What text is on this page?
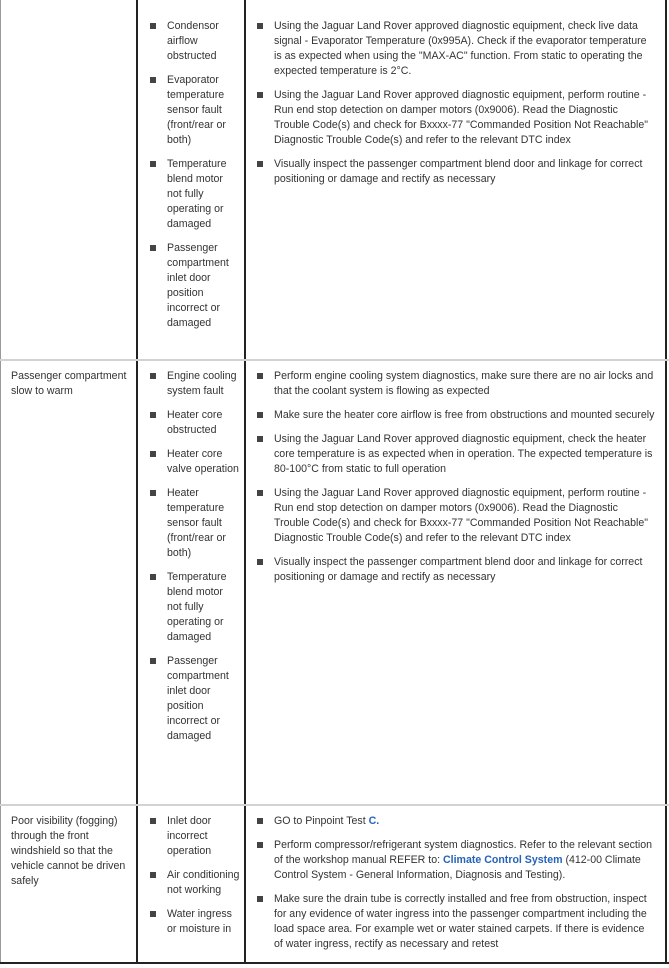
Condensor airflow obstructed
Evaporator temperature sensor fault (front/rear or both)
Temperature blend motor not fully operating or damaged
Passenger compartment inlet door position incorrect or damaged
Using the Jaguar Land Rover approved diagnostic equipment, check live data signal - Evaporator Temperature (0x995A). Check if the evaporator temperature is as expected when using the "MAX-AC" function. From static to operating the expected temperature is 2°C.
Using the Jaguar Land Rover approved diagnostic equipment, perform routine - Run end stop detection on damper motors (0x9006). Read the Diagnostic Trouble Code(s) and check for Bxxxx-77 "Commanded Position Not Reachable" Diagnostic Trouble Code(s) and refer to the relevant DTC index
Visually inspect the passenger compartment blend door and linkage for correct positioning or damage and rectify as necessary
Passenger compartment slow to warm
Engine cooling system fault
Heater core obstructed
Heater core valve operation
Heater temperature sensor fault (front/rear or both)
Temperature blend motor not fully operating or damaged
Passenger compartment inlet door position incorrect or damaged
Perform engine cooling system diagnostics, make sure there are no air locks and that the coolant system is flowing as expected
Make sure the heater core airflow is free from obstructions and mounted securely
Using the Jaguar Land Rover approved diagnostic equipment, check the heater core temperature is as expected when in operation. The expected temperature is 80-100°C from static to full operation
Using the Jaguar Land Rover approved diagnostic equipment, perform routine - Run end stop detection on damper motors (0x9006). Read the Diagnostic Trouble Code(s) and check for Bxxxx-77 "Commanded Position Not Reachable" Diagnostic Trouble Code(s) and refer to the relevant DTC index
Visually inspect the passenger compartment blend door and linkage for correct positioning or damage and rectify as necessary
Poor visibility (fogging) through the front windshield so that the vehicle cannot be driven safely
Inlet door incorrect operation
Air conditioning not working
Water ingress or moisture in
GO to Pinpoint Test C.
Perform compressor/refrigerant system diagnostics. Refer to the relevant section of the workshop manual REFER to: Climate Control System (412-00 Climate Control System - General Information, Diagnosis and Testing).
Make sure the drain tube is correctly installed and free from obstruction, inspect for any evidence of water ingress into the passenger compartment including the load space area. For example wet or water stained carpets. If there is evidence of water ingress, rectify as necessary and retest
